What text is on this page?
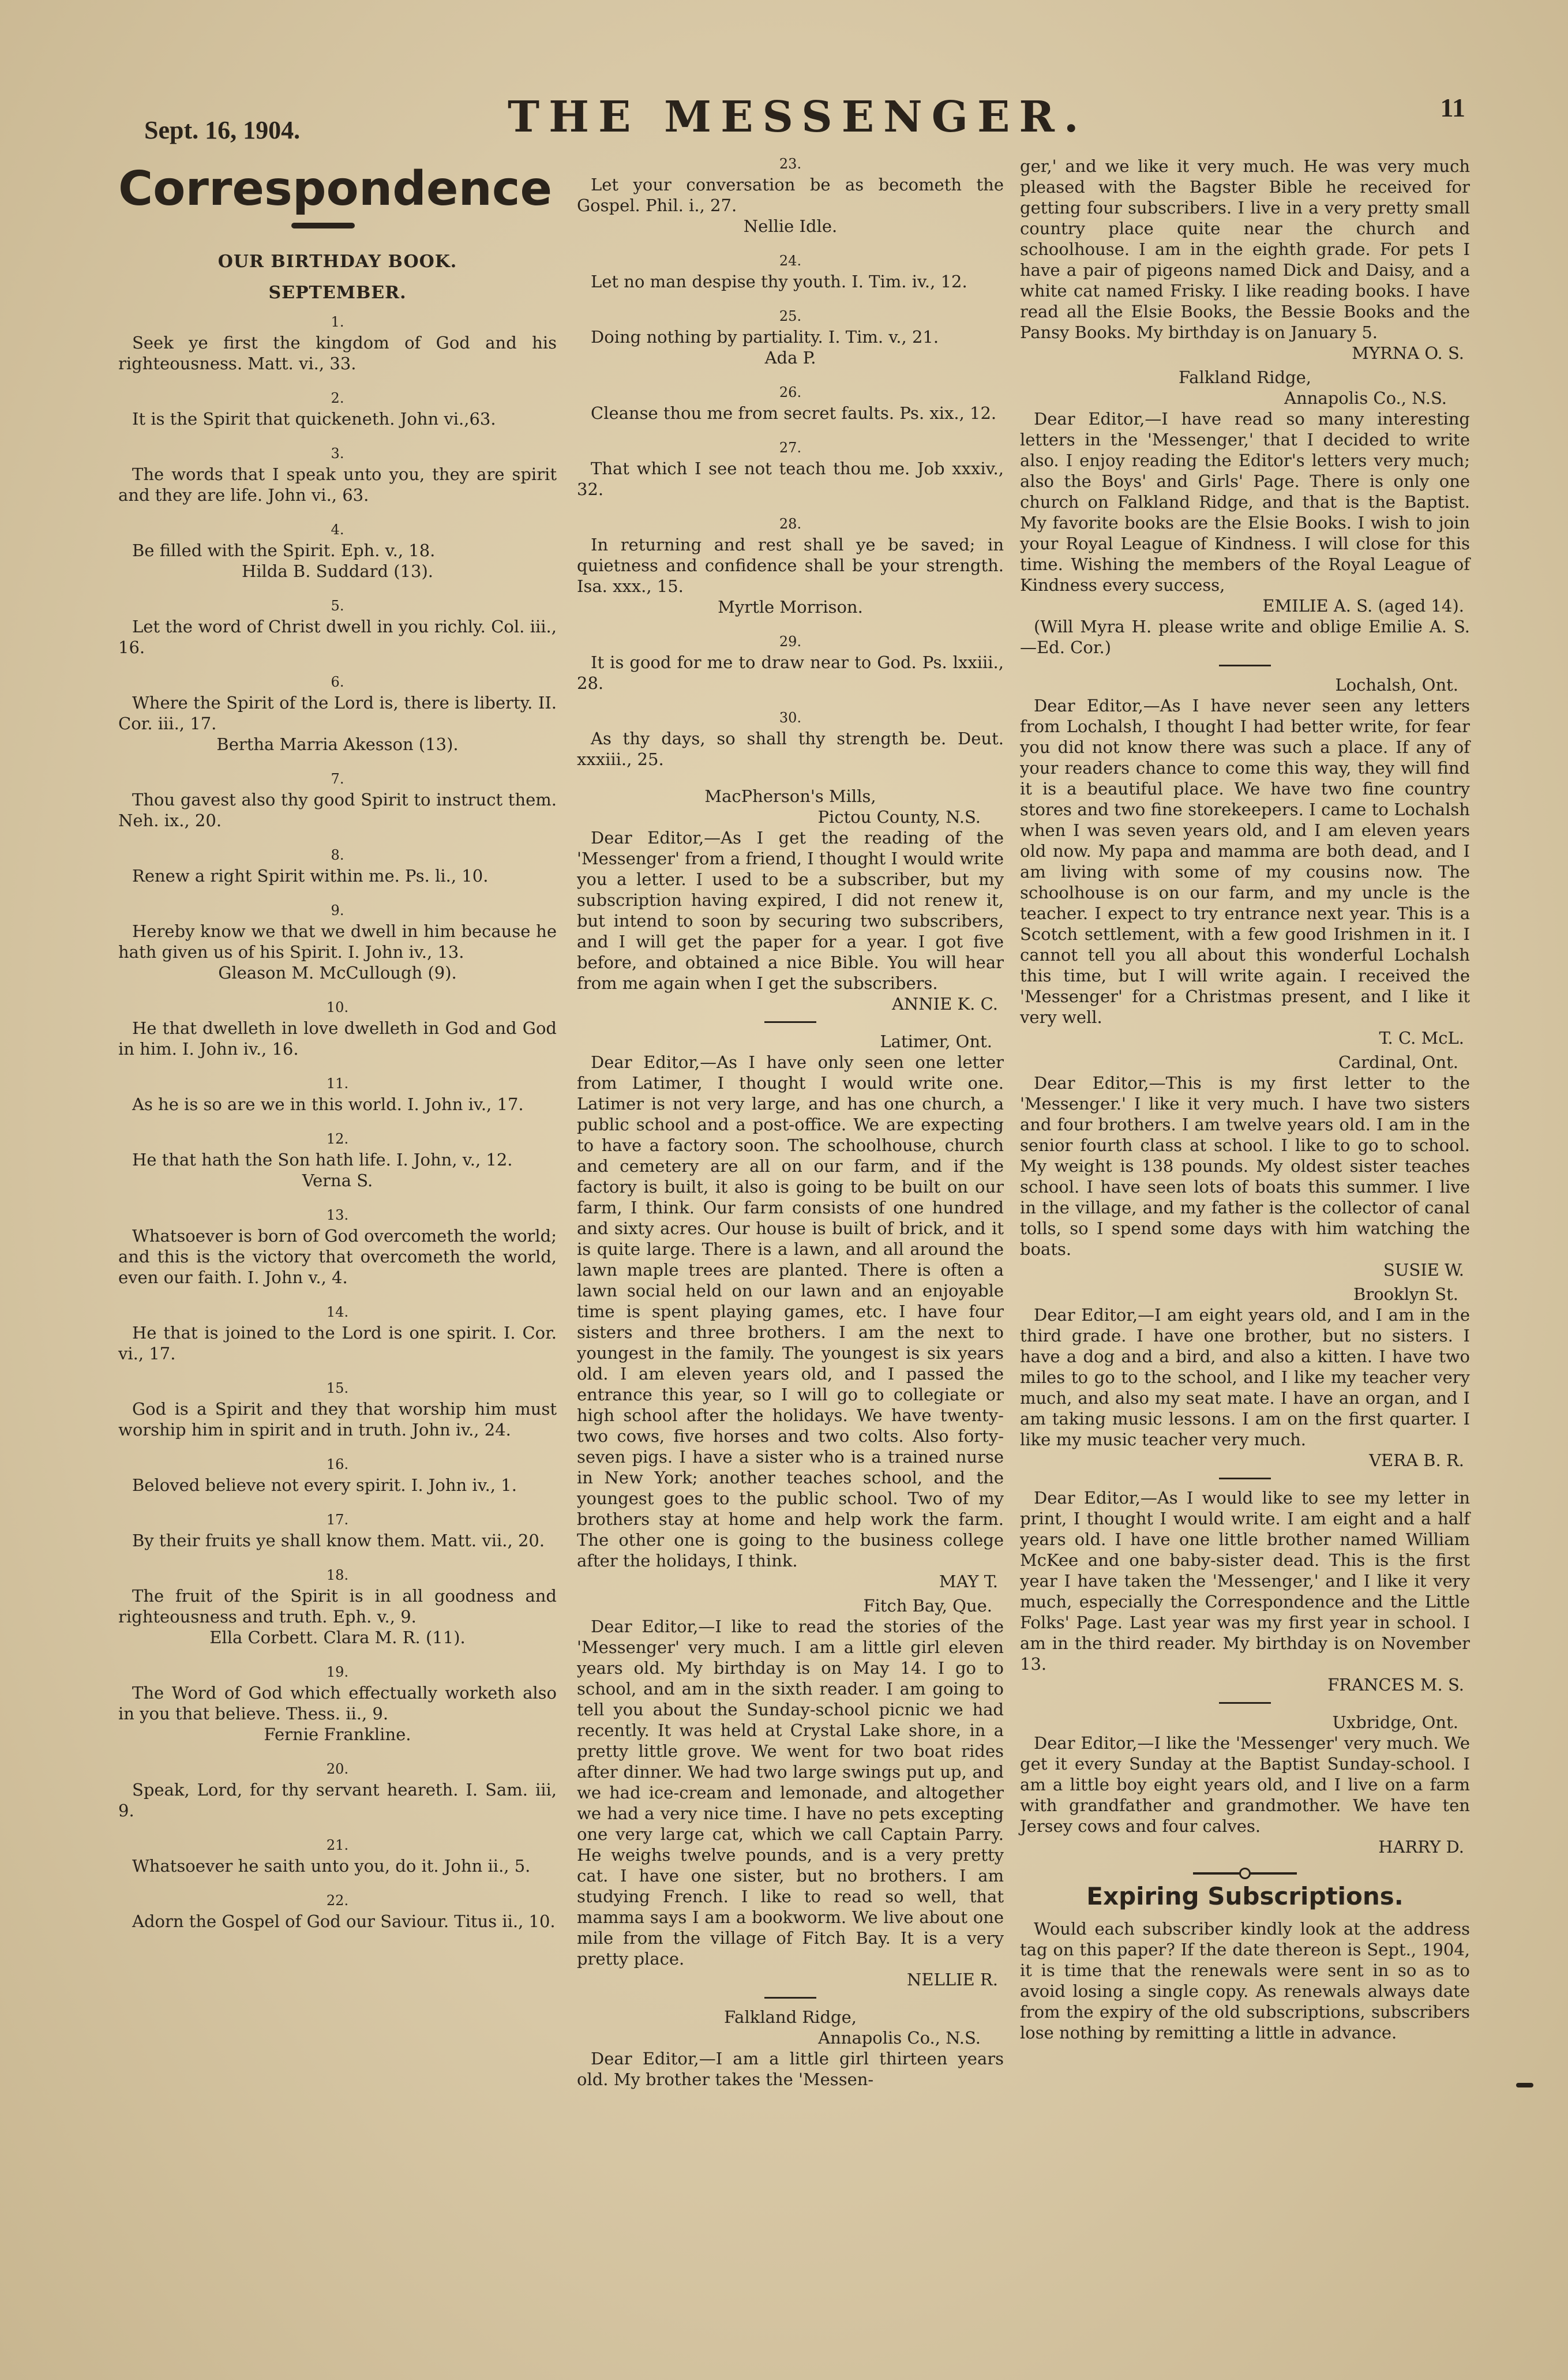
Sept. 16, 1904.	THE MESSENGER.	11
Correspondence
OUR BIRTHDAY BOOK.
SEPTEMBER.
1.
Seek ye first the kingdom of God and his righteousness. Matt. vi., 33.
2.
It is the Spirit that quickeneth. John vi.,63.
3.
The words that I speak unto you, they are spirit and they are life. John vi., 63.
4.
Be filled with the Spirit. Eph. v., 18.
Hilda B. Suddard (13).
5.
Let the word of Christ dwell in you richly. Col. iii., 16.
6.
Where the Spirit of the Lord is, there is liberty. II. Cor. iii., 17.
Bertha Marria Akesson (13).
7.
Thou gavest also thy good Spirit to instruct them. Neh. ix., 20.
8.
Renew a right Spirit within me. Ps. li., 10.
9.
Hereby know we that we dwell in him because he hath given us of his Spirit. I. John iv., 13.
Gleason M. McCullough (9).
10.
He that dwelleth in love dwelleth in God and God in him. I. John iv., 16.
11.
As he is so are we in this world. I. John iv., 17.
12.
He that hath the Son hath life. I. John, v., 12.
Verna S.
13.
Whatsoever is born of God overcometh the world; and this is the victory that overcometh the world, even our faith. I. John v., 4.
14.
He that is joined to the Lord is one spirit. I. Cor. vi., 17.
15.
God is a Spirit and they that worship him must worship him in spirit and in truth. John iv., 24.
16.
Beloved believe not every spirit. I. John iv., 1.
17.
By their fruits ye shall know them. Matt. vii., 20.
18.
The fruit of the Spirit is in all goodness and righteousness and truth. Eph. v., 9.
Ella Corbett. Clara M. R. (11).
19.
The Word of God which effectually worketh also in you that believe. Thess. ii., 9.
Fernie Frankline.
20.
Speak, Lord, for thy servant heareth. I. Sam. iii, 9.
21.
Whatsoever he saith unto you, do it. John ii., 5.
22.
Adorn the Gospel of God our Saviour. Titus ii., 10.
23.
Let your conversation be as becometh the Gospel. Phil. i., 27.
Nellie Idle.
24.
Let no man despise thy youth. I. Tim. iv., 12.
25.
Doing nothing by partiality. I. Tim. v., 21.
Ada P.
26.
Cleanse thou me from secret faults. Ps. xix., 12.
27.
That which I see not teach thou me. Job xxxiv., 32.
28.
In returning and rest shall ye be saved; in quietness and confidence shall be your strength. Isa. xxx., 15.
Myrtle Morrison.
29.
It is good for me to draw near to God. Ps. lxxiii., 28.
30.
As thy days, so shall thy strength be. Deut. xxxiii., 25.
MacPherson's Mills,
Pictou County, N.S.
Dear Editor,—As I get the reading of the 'Messenger' from a friend, I thought I would write you a letter. I used to be a subscriber, but my subscription having expired, I did not renew it, but intend to soon by securing two subscribers, and I will get the paper for a year. I got five before, and obtained a nice Bible. You will hear from me again when I get the subscribers.
ANNIE K. C.
Latimer, Ont.
Dear Editor,—As I have only seen one letter from Latimer, I thought I would write one. Latimer is not very large, and has one church, a public school and a post-office. We are expecting to have a factory soon. The schoolhouse, church and cemetery are all on our farm, and if the factory is built, it also is going to be built on our farm, I think. Our farm consists of one hundred and sixty acres. Our house is built of brick, and it is quite large. There is a lawn, and all around the lawn maple trees are planted. There is often a lawn social held on our lawn and an enjoyable time is spent playing games, etc. I have four sisters and three brothers. I am the next to youngest in the family. The youngest is six years old. I am eleven years old, and I passed the entrance this year, so I will go to collegiate or high school after the holidays. We have twenty-two cows, five horses and two colts. Also forty-seven pigs. I have a sister who is a trained nurse in New York; another teaches school, and the youngest goes to the public school. Two of my brothers stay at home and help work the farm. The other one is going to the business college after the holidays, I think.
MAY T.
Fitch Bay, Que.
Dear Editor,—I like to read the stories of the 'Messenger' very much. I am a little girl eleven years old. My birthday is on May 14. I go to school, and am in the sixth reader. I am going to tell you about the Sunday-school picnic we had recently. It was held at Crystal Lake shore, in a pretty little grove. We went for two boat rides after dinner. We had two large swings put up, and we had ice-cream and lemonade, and altogether we had a very nice time. I have no pets excepting one very large cat, which we call Captain Parry. He weighs twelve pounds, and is a very pretty cat. I have one sister, but no brothers. I am studying French. I like to read so well, that mamma says I am a bookworm. We live about one mile from the village of Fitch Bay. It is a very pretty place.
NELLIE R.
Falkland Ridge,
Annapolis Co., N.S.
Dear Editor,—I am a little girl thirteen years old. My brother takes the 'Messen-
ger,' and we like it very much. He was very much pleased with the Bagster Bible he received for getting four subscribers. I live in a very pretty small country place quite near the church and schoolhouse. I am in the eighth grade. For pets I have a pair of pigeons named Dick and Daisy, and a white cat named Frisky. I like reading books. I have read all the Elsie Books, the Bessie Books and the Pansy Books. My birthday is on January 5.
MYRNA O. S.
Falkland Ridge,
Annapolis Co., N.S.
Dear Editor,—I have read so many interesting letters in the 'Messenger,' that I decided to write also. I enjoy reading the Editor's letters very much; also the Boys' and Girls' Page. There is only one church on Falkland Ridge, and that is the Baptist. My favorite books are the Elsie Books. I wish to join your Royal League of Kindness. I will close for this time. Wishing the members of the Royal League of Kindness every success,
EMILIE A. S. (aged 14).
(Will Myra H. please write and oblige Emilie A. S.—Ed. Cor.)
Lochalsh, Ont.
Dear Editor,—As I have never seen any letters from Lochalsh, I thought I had better write, for fear you did not know there was such a place. If any of your readers chance to come this way, they will find it is a beautiful place. We have two fine country stores and two fine storekeepers. I came to Lochalsh when I was seven years old, and I am eleven years old now. My papa and mamma are both dead, and I am living with some of my cousins now. The schoolhouse is on our farm, and my uncle is the teacher. I expect to try entrance next year. This is a Scotch settlement, with a few good Irishmen in it. I cannot tell you all about this wonderful Lochalsh this time, but I will write again. I received the 'Messenger' for a Christmas present, and I like it very well.
T. C. McL.
Cardinal, Ont.
Dear Editor,—This is my first letter to the 'Messenger.' I like it very much. I have two sisters and four brothers. I am twelve years old. I am in the senior fourth class at school. I like to go to school. My weight is 138 pounds. My oldest sister teaches school. I have seen lots of boats this summer. I live in the village, and my father is the collector of canal tolls, so I spend some days with him watching the boats.
SUSIE W.
Brooklyn St.
Dear Editor,—I am eight years old, and I am in the third grade. I have one brother, but no sisters. I have a dog and a bird, and also a kitten. I have two miles to go to the school, and I like my teacher very much, and also my seat mate. I have an organ, and I am taking music lessons. I am on the first quarter. I like my music teacher very much.
VERA B. R.
Dear Editor,—As I would like to see my letter in print, I thought I would write. I am eight and a half years old. I have one little brother named William McKee and one baby-sister dead. This is the first year I have taken the 'Messenger,' and I like it very much, especially the Correspondence and the Little Folks' Page. Last year was my first year in school. I am in the third reader. My birthday is on November 13.
FRANCES M. S.
Uxbridge, Ont.
Dear Editor,—I like the 'Messenger' very much. We get it every Sunday at the Baptist Sunday-school. I am a little boy eight years old, and I live on a farm with grandfather and grandmother. We have ten Jersey cows and four calves.
HARRY D.
Expiring Subscriptions.
Would each subscriber kindly look at the address tag on this paper? If the date thereon is Sept., 1904, it is time that the renewals were sent in so as to avoid losing a single copy. As renewals always date from the expiry of the old subscriptions, subscribers lose nothing by remitting a little in advance.
